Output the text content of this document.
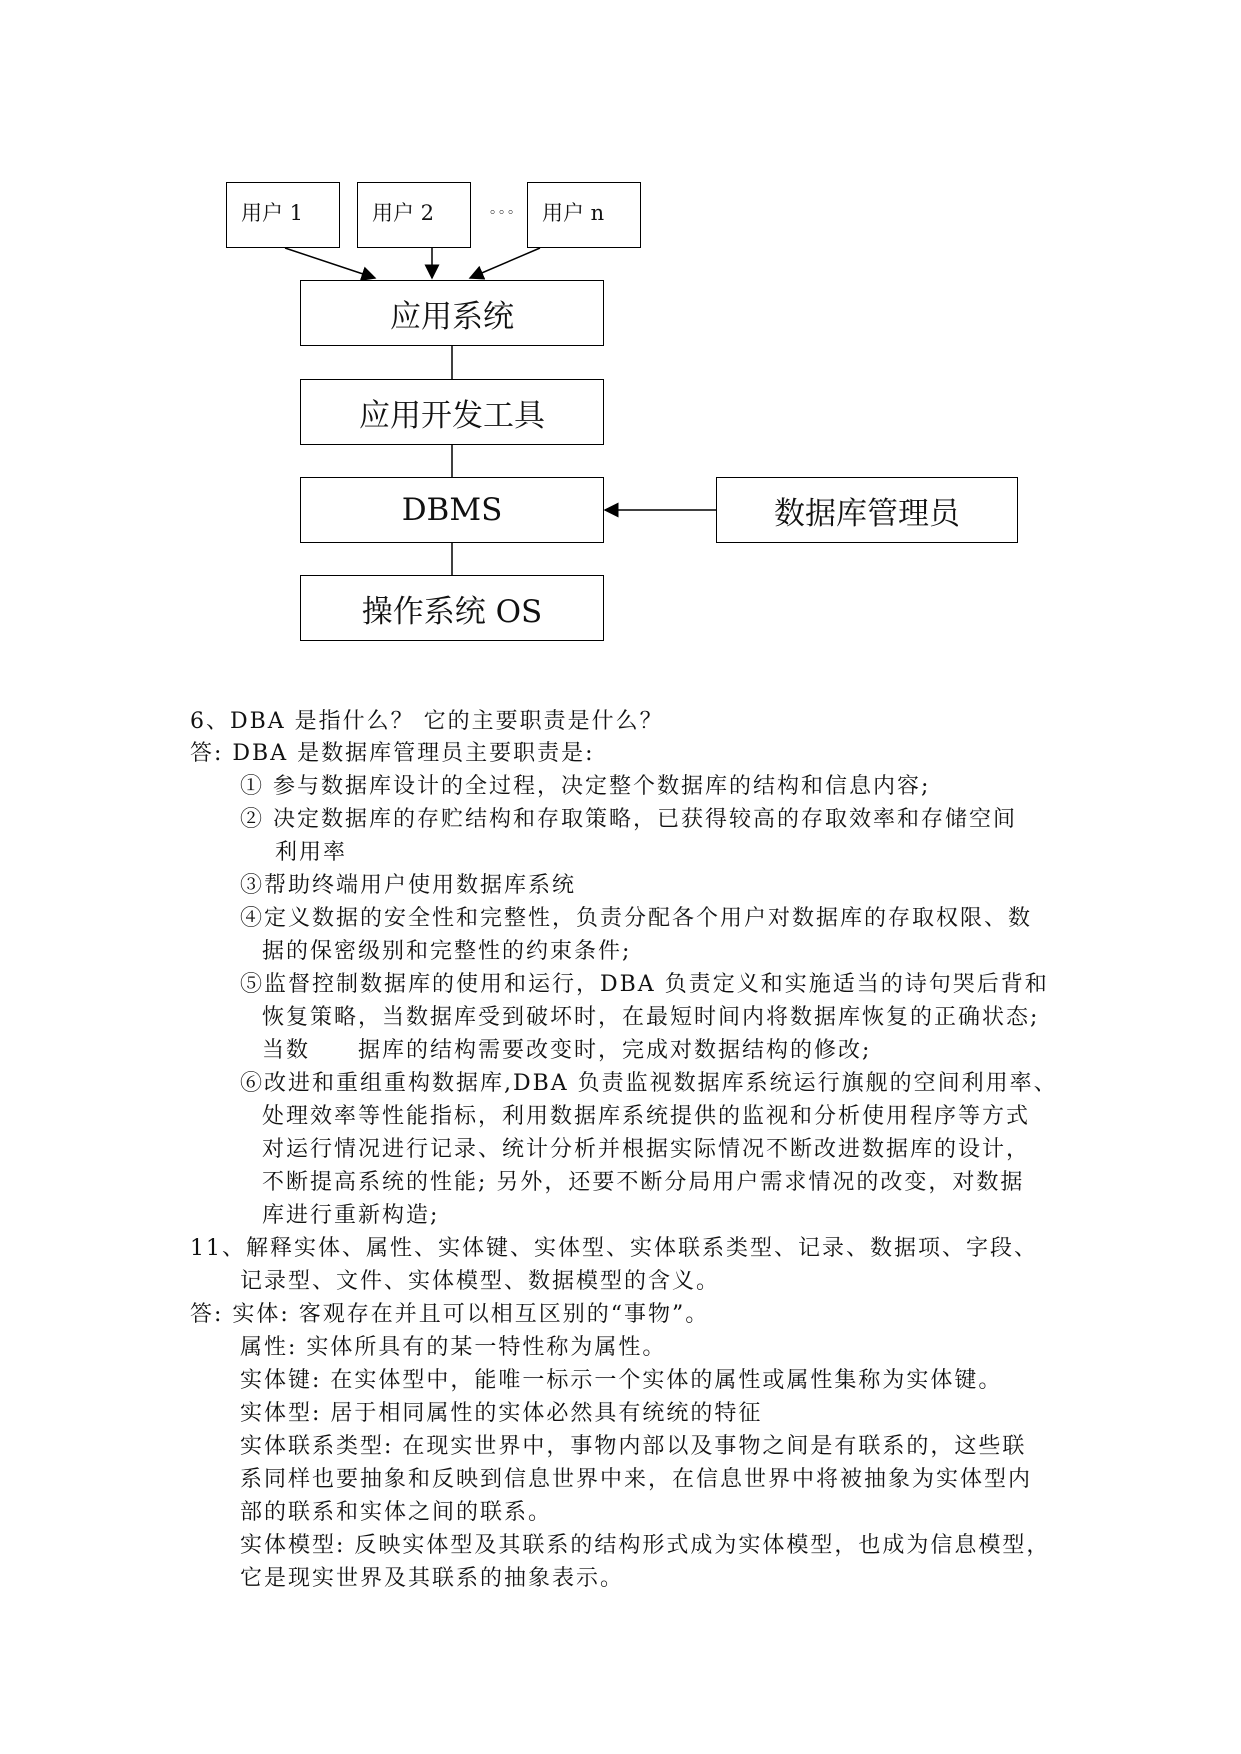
用户 1	用户 2	。。。 用户 n
应用系统
应用开发工具
DBMS
操作系统 OS
数据库管理员
6、DBA 是指什么？ 它的主要职责是什么？
答: DBA 是数据库管理员主要职责是:
① 参与数据库设计的全过程，决定整个数据库的结构和信息内容;
② 决定数据库的存贮结构和存取策略，已获得较高的存取效率和存储空间
利用率
③帮助终端用户使用数据库系统
④定义数据的安全性和完整性，负责分配各个用户对数据库的存取权限、数
据的保密级别和完整性的约束条件;
⑤监督控制数据库的使用和运行，DBA 负责定义和实施适当的诗句哭后背和
恢复策略，当数据库受到破坏时，在最短时间内将数据库恢复的正确状态;
当数　　据库的结构需要改变时，完成对数据结构的修改;
⑥改进和重组重构数据库,DBA 负责监视数据库系统运行旗舰的空间利用率、
处理效率等性能指标，利用数据库系统提供的监视和分析使用程序等方式
对运行情况进行记录、统计分析并根据实际情况不断改进数据库的设计，
不断提高系统的性能; 另外，还要不断分局用户需求情况的改变，对数据
库进行重新构造;
11、解释实体、属性、实体键、实体型、实体联系类型、记录、数据项、字段、
记录型、文件、实体模型、数据模型的含义。
答: 实体: 客观存在并且可以相互区别的“事物”。
属性: 实体所具有的某一特性称为属性。
实体键: 在实体型中，能唯一标示一个实体的属性或属性集称为实体键。
实体型: 居于相同属性的实体必然具有统统的特征
实体联系类型: 在现实世界中，事物内部以及事物之间是有联系的，这些联
系同样也要抽象和反映到信息世界中来，在信息世界中将被抽象为实体型内
部的联系和实体之间的联系。
实体模型: 反映实体型及其联系的结构形式成为实体模型，也成为信息模型，
它是现实世界及其联系的抽象表示。
